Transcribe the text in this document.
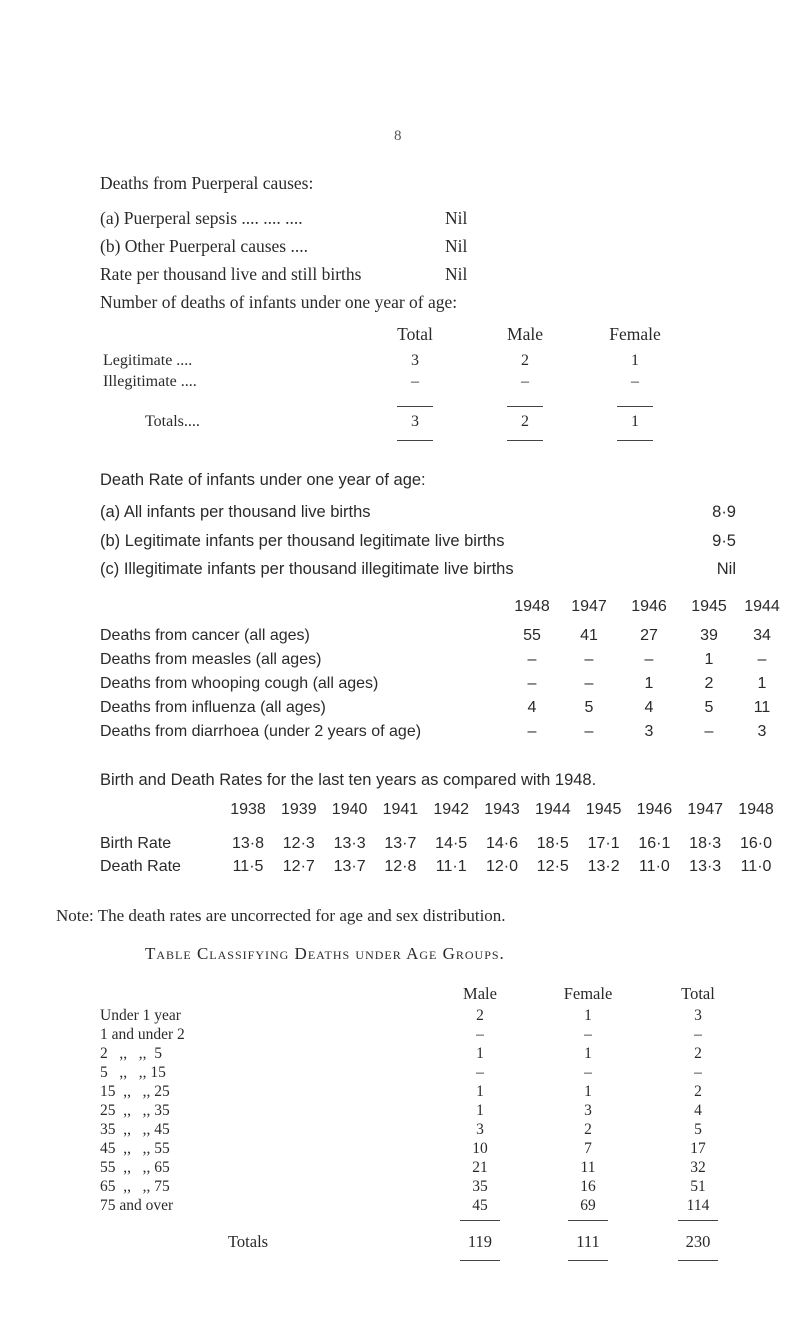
8
Deaths from Puerperal causes:
(a) Puerperal sepsis .... .... ....	Nil
(b) Other Puerperal causes ....	Nil
Rate per thousand live and still births	Nil
Number of deaths of infants under one year of age:
Total	Male	Female
Legitimate ....	3	2	1
Illegitimate ....	–	–	–
Totals....	3	2	1
Death Rate of infants under one year of age:
(a) All infants per thousand live births	8·9
(b) Legitimate infants per thousand legitimate live births	9·5
(c) Illegitimate infants per thousand illegitimate live births	Nil
1948	1947	1946	1945	1944
Deaths from cancer (all ages)	55	41	27	39	34
Deaths from measles (all ages)	–	–	–	1	–
Deaths from whooping cough (all ages)	–	–	1	2	1
Deaths from influenza (all ages)	4	5	4	5	11
Deaths from diarrhoea (under 2 years of age)	–	–	3	–	3
Birth and Death Rates for the last ten years as compared with 1948.
1938 1939 1940 1941 1942 1943 1944 1945 1946 1947 1948
Birth Rate	13·8	12·3	13·3	13·7	14·5	14·6	18·5	17·1	16·1	18·3	16·0
Death Rate	11·5	12·7	13·7	12·8	11·1	12·0	12·5	13·2	11·0	13·3	11·0
Note: The death rates are uncorrected for age and sex distribution.
Table Classifying Deaths under Age Groups.
Male	Female	Total
Under 1 year	2	1	3
1 and under 2	–	–	–
2   ,,   ,,  5	1	1	2
5   ,,   ,, 15	–	–	–
15  ,,   ,, 25	1	1	2
25  ,,   ,, 35	1	3	4
35  ,,   ,, 45	3	2	5
45  ,,   ,, 55	10	7	17
55  ,,   ,, 65	21	11	32
65  ,,   ,, 75	35	16	51
75 and over	45	69	114
Totals	119	111	230
